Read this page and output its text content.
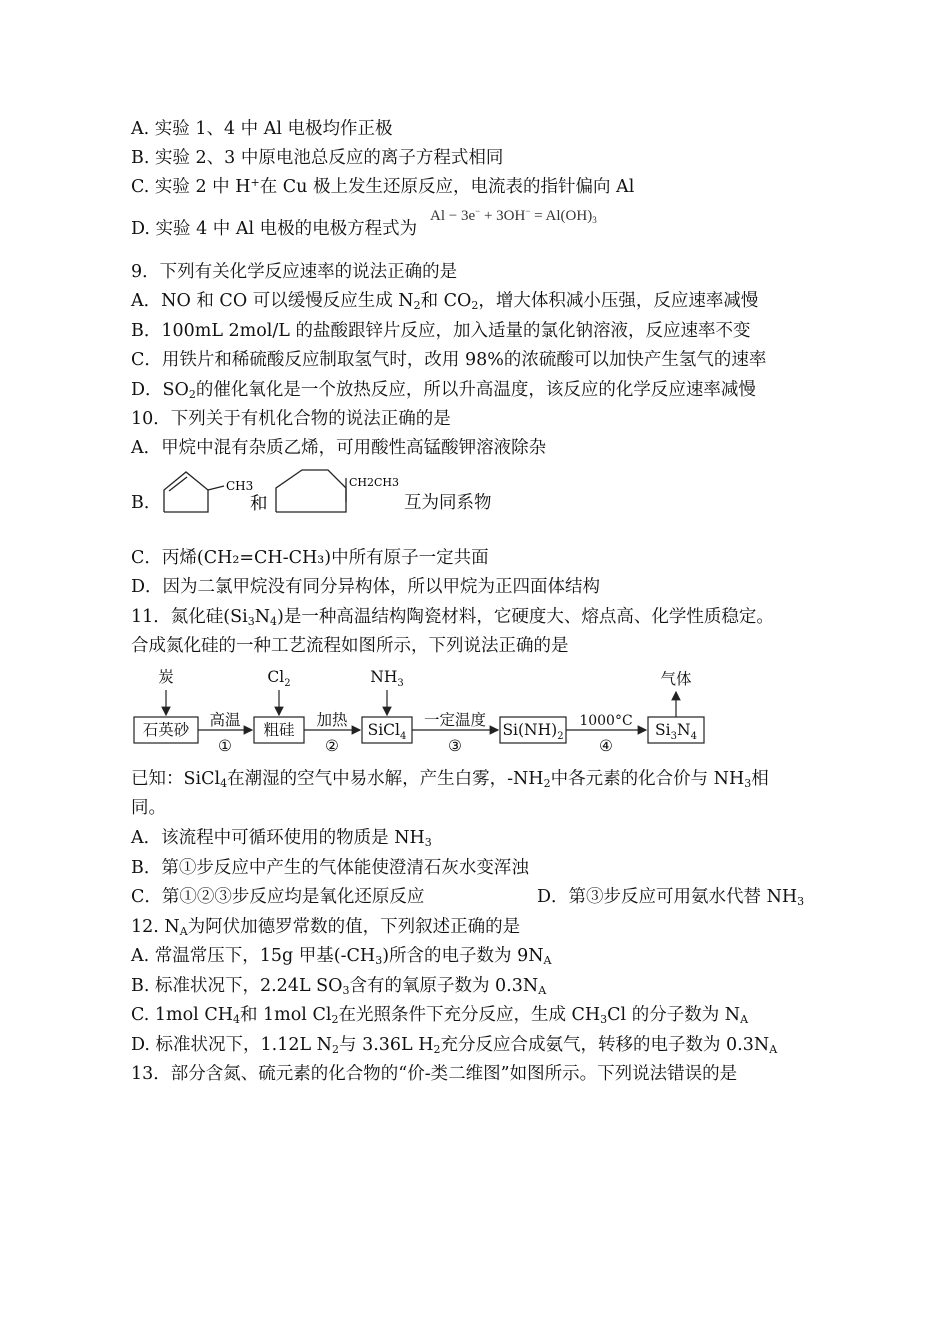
A. 实验 1、4 中 Al 电极均作正极
B. 实验 2、3 中原电池总反应的离子方程式相同
C. 实验 2 中 H+在 Cu 极上发生还原反应，电流表的指针偏向 Al
D. 实验 4 中 Al 电极的电极方程式为
$Al - 3e^- + 3OH^- = Al(OH)_3$
9．下列有关化学反应速率的说法正确的是
A．NO 和 CO 可以缓慢反应生成 $N_2$和 $CO_2$，增大体积减小压强，反应速率减慢
B．100mL 2mol/L 的盐酸跟锌片反应，加入适量的氯化钠溶液，反应速率不变
C．用铁片和稀硫酸反应制取氢气时，改用 98%的浓硫酸可以加快产生氢气的速率
D．$SO_2$的催化氧化是一个放热反应，所以升高温度，该反应的化学反应速率减慢
10．下列关于有机化合物的说法正确的是
A．甲烷中混有杂质乙烯，可用酸性高锰酸钾溶液除杂
B．
CH3
和
CH2CH3
互为同系物
C．丙烯(CH₂=CH-CH₃)中所有原子一定共面
D．因为二氯甲烷没有同分异构体，所以甲烷为正四面体结构
11．氮化硅$(Si_3N_4)$是一种高温结构陶瓷材料，它硬度大、熔点高、化学性质稳定。
合成氮化硅的一种工艺流程如图所示，下列说法正确的是
石英砂	粗硅	SiCl$_4$	$Si(NH)_2$	$Si_3N_4$
炭	$Cl_2$	$NH_3$	气体
高温
①
加热
②
一定温度
③
1000°C
④
已知：SiCl$_4$在潮湿的空气中易水解，产生白雾，$-NH_2$中各元素的化合价与 $NH_3$相
同。
A．该流程中可循环使用的物质是 $NH_3$
B．第①步反应中产生的气体能使澄清石灰水变浑浊
C．第①②③步反应均是氧化还原反应	D．第③步反应可用氨水代替 $NH_3$
12. $N_A$为阿伏加德罗常数的值，下列叙述正确的是
A. 常温常压下，15g 甲基$(-CH_3)$所含的电子数为 $9N_A$
B. 标准状况下，2.24L $SO_3$含有的氧原子数为 $0.3N_A$
C. 1mol $CH_4$和 1mol $Cl_2$在光照条件下充分反应，生成 $CH_3Cl$ 的分子数为 $N_A$
D. 标准状况下，1.12L $N_2$与 3.36L $H_2$充分反应合成氨气，转移的电子数为 $0.3N_A$
13．部分含氮、硫元素的化合物的“价-类二维图”如图所示。下列说法错误的是
